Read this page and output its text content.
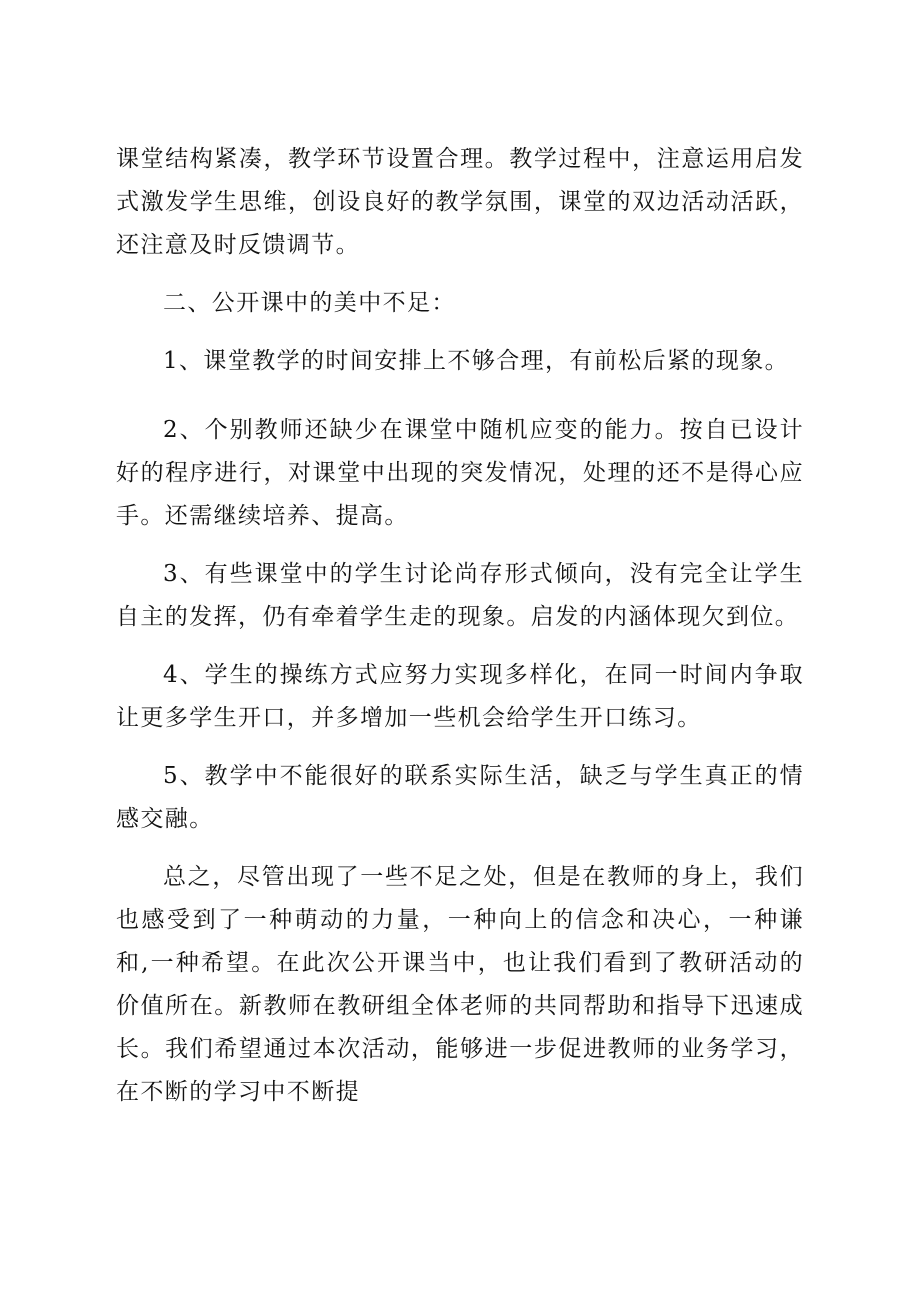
课堂结构紧凑，教学环节设置合理。教学过程中，注意运用启发式激发学生思维，创设良好的教学氛围，课堂的双边活动活跃，还注意及时反馈调节。

二、公开课中的美中不足：

1、课堂教学的时间安排上不够合理，有前松后紧的现象。

2、个别教师还缺少在课堂中随机应变的能力。按自已设计好的程序进行，对课堂中出现的突发情况，处理的还不是得心应手。还需继续培养、提高。

3、有些课堂中的学生讨论尚存形式倾向，没有完全让学生自主的发挥，仍有牵着学生走的现象。启发的内涵体现欠到位。

4、学生的操练方式应努力实现多样化，在同一时间内争取让更多学生开口，并多增加一些机会给学生开口练习。

5、教学中不能很好的联系实际生活，缺乏与学生真正的情感交融。

总之，尽管出现了一些不足之处，但是在教师的身上，我们也感受到了一种萌动的力量，一种向上的信念和决心，一种谦和,一种希望。在此次公开课当中，也让我们看到了教研活动的价值所在。新教师在教研组全体老师的共同帮助和指导下迅速成长。我们希望通过本次活动，能够进一步促进教师的业务学习，在不断的学习中不断提
